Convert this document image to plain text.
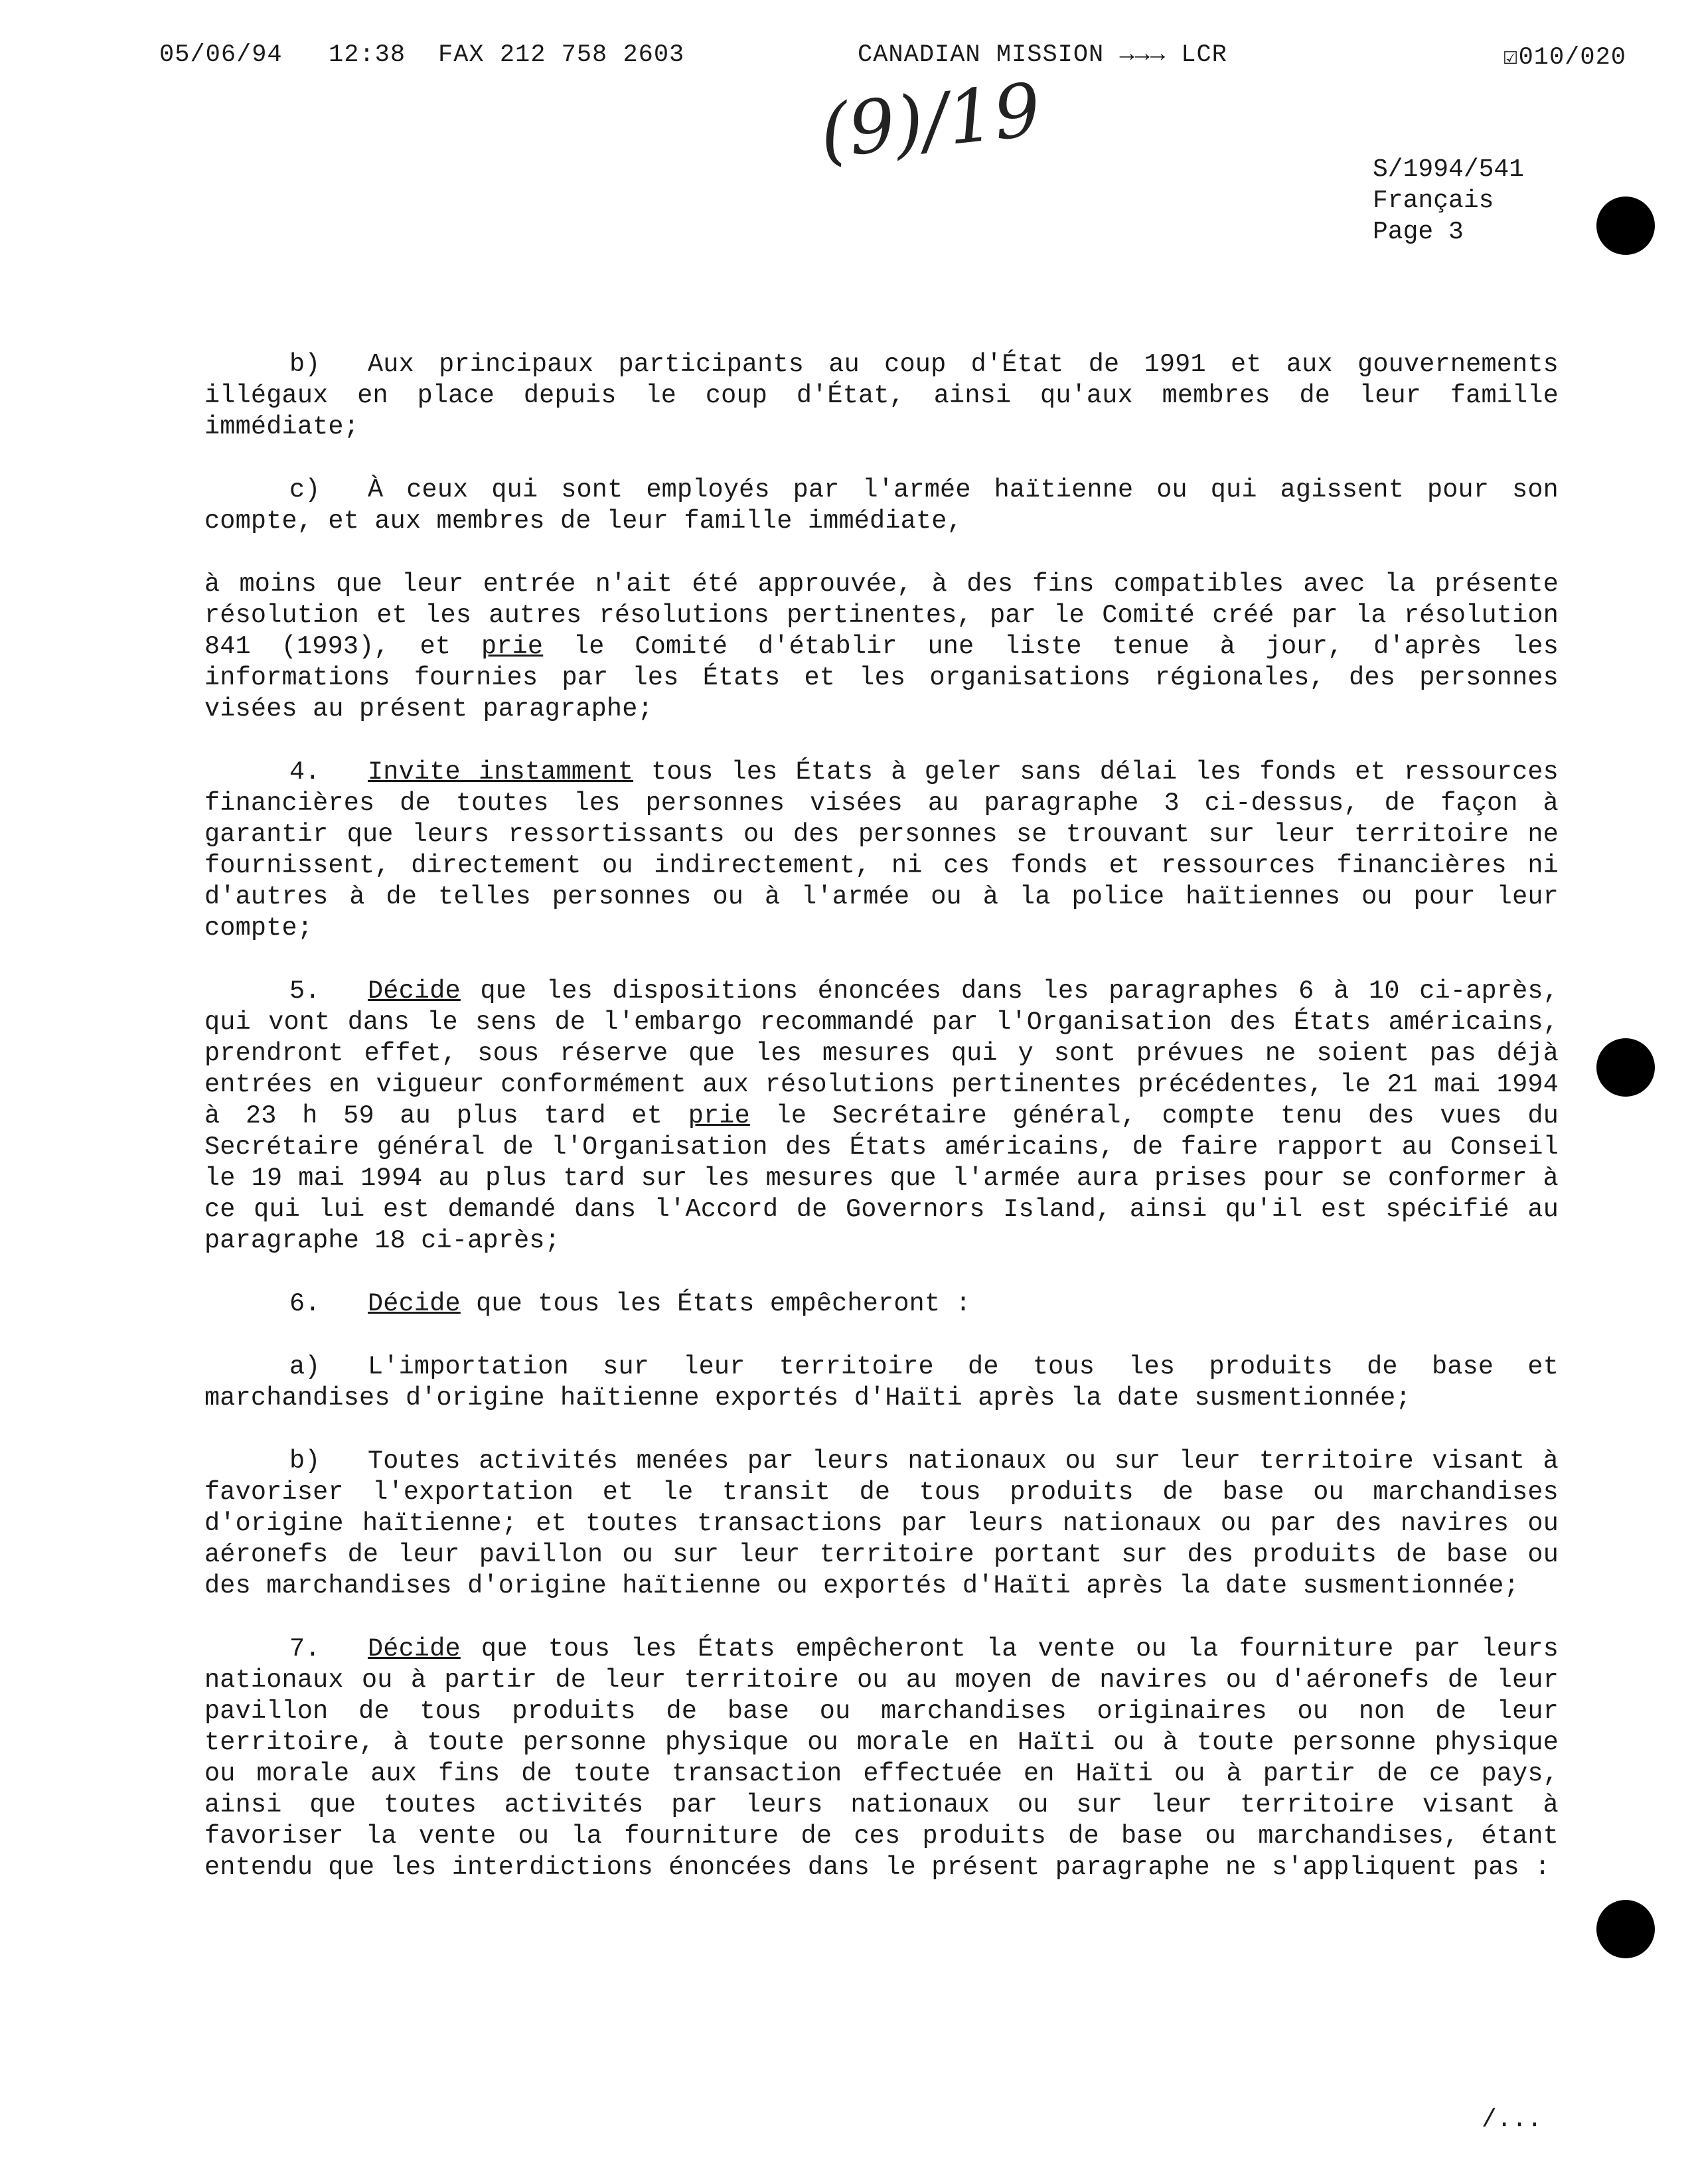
05/06/94 12:38 FAX 212 758 2603	CANADIAN MISSION →→→ LCR	☑010/020
(9)/19	S/1994/541
Français
Page 3

b) Aux principaux participants au coup d'État de 1991 et aux gouvernements illégaux en place depuis le coup d'État, ainsi qu'aux membres de leur famille immédiate;

c) À ceux qui sont employés par l'armée haïtienne ou qui agissent pour son compte, et aux membres de leur famille immédiate,

à moins que leur entrée n'ait été approuvée, à des fins compatibles avec la présente résolution et les autres résolutions pertinentes, par le Comité créé par la résolution 841 (1993), et prie le Comité d'établir une liste tenue à jour, d'après les informations fournies par les États et les organisations régionales, des personnes visées au présent paragraphe;

4. Invite instamment tous les États à geler sans délai les fonds et ressources financières de toutes les personnes visées au paragraphe 3 ci-dessus, de façon à garantir que leurs ressortissants ou des personnes se trouvant sur leur territoire ne fournissent, directement ou indirectement, ni ces fonds et ressources financières ni d'autres à de telles personnes ou à l'armée ou à la police haïtiennes ou pour leur compte;

5. Décide que les dispositions énoncées dans les paragraphes 6 à 10 ci-après, qui vont dans le sens de l'embargo recommandé par l'Organisation des États américains, prendront effet, sous réserve que les mesures qui y sont prévues ne soient pas déjà entrées en vigueur conformément aux résolutions pertinentes précédentes, le 21 mai 1994 à 23 h 59 au plus tard et prie le Secrétaire général, compte tenu des vues du Secrétaire général de l'Organisation des États américains, de faire rapport au Conseil le 19 mai 1994 au plus tard sur les mesures que l'armée aura prises pour se conformer à ce qui lui est demandé dans l'Accord de Governors Island, ainsi qu'il est spécifié au paragraphe 18 ci-après;

6. Décide que tous les États empêcheront :

a) L'importation sur leur territoire de tous les produits de base et marchandises d'origine haïtienne exportés d'Haïti après la date susmentionnée;

b) Toutes activités menées par leurs nationaux ou sur leur territoire visant à favoriser l'exportation et le transit de tous produits de base ou marchandises d'origine haïtienne; et toutes transactions par leurs nationaux ou par des navires ou aéronefs de leur pavillon ou sur leur territoire portant sur des produits de base ou des marchandises d'origine haïtienne ou exportés d'Haïti après la date susmentionnée;

7. Décide que tous les États empêcheront la vente ou la fourniture par leurs nationaux ou à partir de leur territoire ou au moyen de navires ou d'aéronefs de leur pavillon de tous produits de base ou marchandises originaires ou non de leur territoire, à toute personne physique ou morale en Haïti ou à toute personne physique ou morale aux fins de toute transaction effectuée en Haïti ou à partir de ce pays, ainsi que toutes activités par leurs nationaux ou sur leur territoire visant à favoriser la vente ou la fourniture de ces produits de base ou marchandises, étant entendu que les interdictions énoncées dans le présent paragraphe ne s'appliquent pas :

/...
